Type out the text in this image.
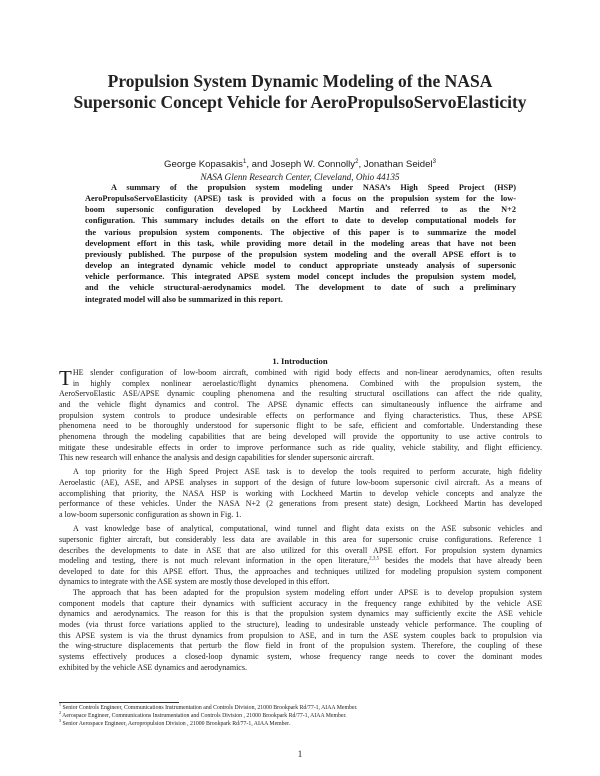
Propulsion System Dynamic Modeling of the NASA
Supersonic Concept Vehicle for AeroPropulsoServoElasticity
George Kopasakis$^1$, and Joseph W. Connolly$^2$, Jonathan Seidel$^3$
NASA Glenn Research Center, Cleveland, Ohio 44135
A summary of the propulsion system modeling under NASA’s High Speed Project (HSP)
AeroPropulsoServoElasticity (APSE) task is provided with a focus on the propulsion system for the low-
boom supersonic configuration developed by Lockheed Martin and referred to as the N+2
configuration. This summary includes details on the effort to date to develop computational models for
the various propulsion system components. The objective of this paper is to summarize the model
development effort in this task, while providing more detail in the modeling areas that have not been
previously published. The purpose of the propulsion system modeling and the overall APSE effort is to
develop an integrated dynamic vehicle model to conduct appropriate unsteady analysis of supersonic
vehicle performance. This integrated APSE system model concept includes the propulsion system model,
and the vehicle structural-aerodynamics model. The development to date of such a preliminary
integrated model will also be summarized in this report.
1. Introduction

T HE slender configuration of low-boom aircraft, combined with rigid body effects and non-linear aerodynamics, often results
in highly complex nonlinear aeroelastic/flight dynamics phenomena. Combined with the propulsion system, the
AeroServoElastic ASE/APSE dynamic coupling phenomena and the resulting structural oscillations can affect the ride quality,
and the vehicle flight dynamics and control. The APSE dynamic effects can simultaneously influence the airframe and
propulsion system controls to produce undesirable effects on performance and flying characteristics. Thus, these APSE
phenomena need to be thoroughly understood for supersonic flight to be safe, efficient and comfortable. Understanding these
phenomena through the modeling capabilities that are being developed will provide the opportunity to use active controls to
mitigate these undesirable effects in order to improve performance such as ride quality, vehicle stability, and flight efficiency.
This new research will enhance the analysis and design capabilities for slender supersonic aircraft.

A top priority for the High Speed Project ASE task is to develop the tools required to perform accurate, high fidelity
Aeroelastic (AE), ASE, and APSE analyses in support of the design of future low-boom supersonic civil aircraft. As a means of
accomplishing that priority, the NASA HSP is working with Lockheed Martin to develop vehicle concepts and analyze the
performance of these vehicles. Under the NASA N+2 (2 generations from present state) design, Lockheed Martin has developed
a low-boom supersonic configuration as shown in Fig. 1.

A vast knowledge base of analytical, computational, wind tunnel and flight data exists on the ASE subsonic vehicles and
supersonic fighter aircraft, but considerably less data are available in this area for supersonic cruise configurations. Reference 1
describes the developments to date in ASE that are also utilized for this overall APSE effort. For propulsion system dynamics
modeling and testing, there is not much relevant information in the open literature,$^{2,3,5}$ besides the models that have already been
developed to date for this APSE effort. Thus, the approaches and techniques utilized for modeling propulsion system component
dynamics to integrate with the ASE system are mostly those developed in this effort.

The approach that has been adapted for the propulsion system modeling effort under APSE is to develop propulsion system
component models that capture their dynamics with sufficient accuracy in the frequency range exhibited by the vehicle ASE
dynamics and aerodynamics. The reason for this is that the propulsion system dynamics may sufficiently excite the ASE vehicle
modes (via thrust force variations applied to the structure), leading to undesirable unsteady vehicle performance. The coupling of
this APSE system is via the thrust dynamics from propulsion to ASE, and in turn the ASE system couples back to propulsion via
the wing-structure displacements that perturb the flow field in front of the propulsion system. Therefore, the coupling of these
systems effectively produces a closed-loop dynamic system, whose frequency range needs to cover the dominant modes
exhibited by the vehicle ASE dynamics and aerodynamics.

$^1$ Senior Controls Engineer, Communications Instrumentation and Controls Division, 21000 Brookpark Rd/77-1, AIAA Member.
$^2$ Aerospace Engineer, Communications Instrumentation and Controls Division , 21000 Brookpark Rd/77-1, AIAA Member.
$^3$ Senior Aerospace Engineer, Aeropropulsion Division , 21000 Brookpark Rd/77-1, AIAA Member.
1
